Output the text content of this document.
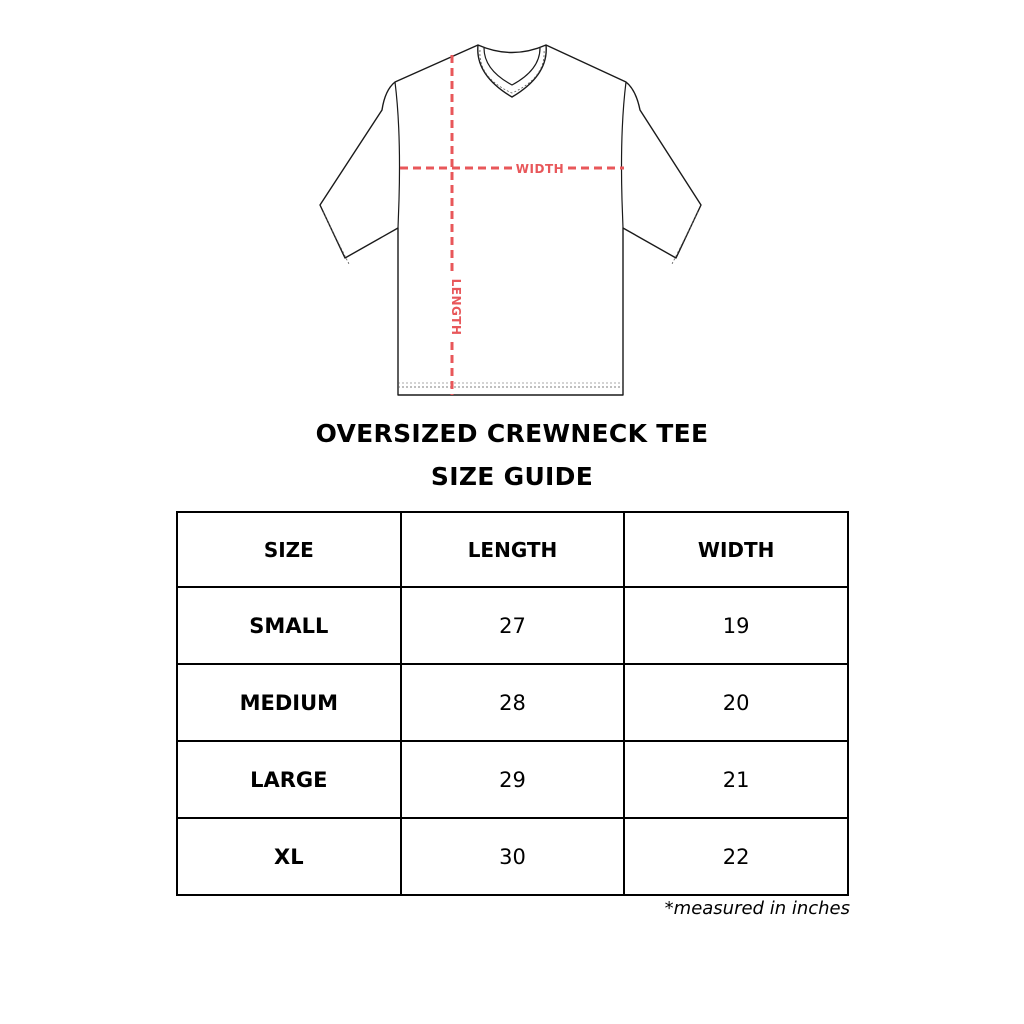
WIDTH
LENGTH
OVERSIZED CREWNECK TEE
SIZE GUIDE
SIZE	LENGTH	WIDTH
SMALL	27	19
MEDIUM	28	20
LARGE	29	21
XL	30	22
*measured in inches
